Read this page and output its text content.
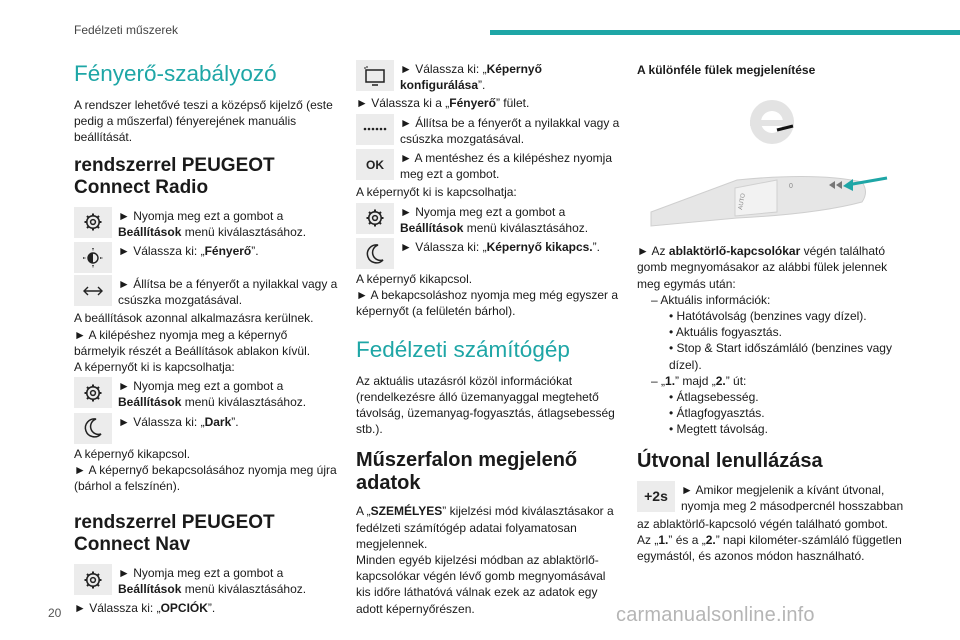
Fedélzeti műszerek
Fényerő-szabályozó

A rendszer lehetővé teszi a középső kijelző (este pedig a műszerfal) fényerejének manuális beállítását.

rendszerrel PEUGEOT Connect Radio
► Nyomja meg ezt a gombot a Beállítások menü kiválasztásához.
► Válassza ki: „Fényerő”.
► Állítsa be a fényerőt a nyilakkal vagy a csúszka mozgatásával.

A beállítások azonnal alkalmazásra kerülnek.

► A kilépéshez nyomja meg a képernyő bármelyik részét a Beállítások ablakon kívül.

A képernyőt ki is kapcsolhatja:

► Nyomja meg ezt a gombot a Beállítások menü kiválasztásához.
► Válassza ki: „Dark”.

A képernyő kikapcsol.

► A képernyő bekapcsolásához nyomja meg újra (bárhol a felszínén).

rendszerrel PEUGEOT Connect Nav
► Nyomja meg ezt a gombot a Beállítások menü kiválasztásához.

► Válassza ki: „OPCIÓK”.

► Válassza ki: „Képernyő konfigurálása”.

► Válassza ki a „Fényerő” fület.

► Állítsa be a fényerőt a nyilakkal vagy a csúszka mozgatásával.
OK	► A mentéshez és a kilépéshez nyomja meg ezt a gombot.

A képernyőt ki is kapcsolhatja:

► Nyomja meg ezt a gombot a Beállítások menü kiválasztásához.
► Válassza ki: „Képernyő kikapcs.”.

A képernyő kikapcsol.

► A bekapcsoláshoz nyomja meg még egyszer a képernyőt (a felületén bárhol).

Fedélzeti számítógép

Az aktuális utazásról közöl információkat (rendelkezésre álló üzemanyaggal megtehető távolság, üzemanyag-fogyasztás, átlagsebesség stb.).

Műszerfalon megjelenő adatok

A „SZEMÉLYES” kijelzési mód kiválasztásakor a fedélzeti számítógép adatai folyamatosan megjelennek.

Minden egyéb kijelzési módban az ablaktörlő-kapcsolókar végén lévő gomb megnyomásával kis időre láthatóvá válnak ezek az adatok egy adott képernyőrészen.

A különféle fülek megjelenítése

AUTO
0

► Az ablaktörlő-kapcsolókar végén található gomb megnyomásakor az alábbi fülek jelennek meg egymás után:

– Aktuális információk:
• Hatótávolság (benzines vagy dízel).
• Aktuális fogyasztás.
• Stop & Start időszámláló (benzines vagy dízel).
– „1.” majd „2.” út:
• Átlagsebesség.
• Átlagfogyasztás.
• Megtett távolság.
Útvonal lenullázása
+2s	► Amikor megjelenik a kívánt útvonal, nyomja meg 2 másodpercnél hosszabban

az ablaktörlő-kapcsoló végén található gombot.

Az „1.” és a „2.” napi kilométer-számláló független egymástól, és azonos módon használható.

20	carmanualsonline.info
